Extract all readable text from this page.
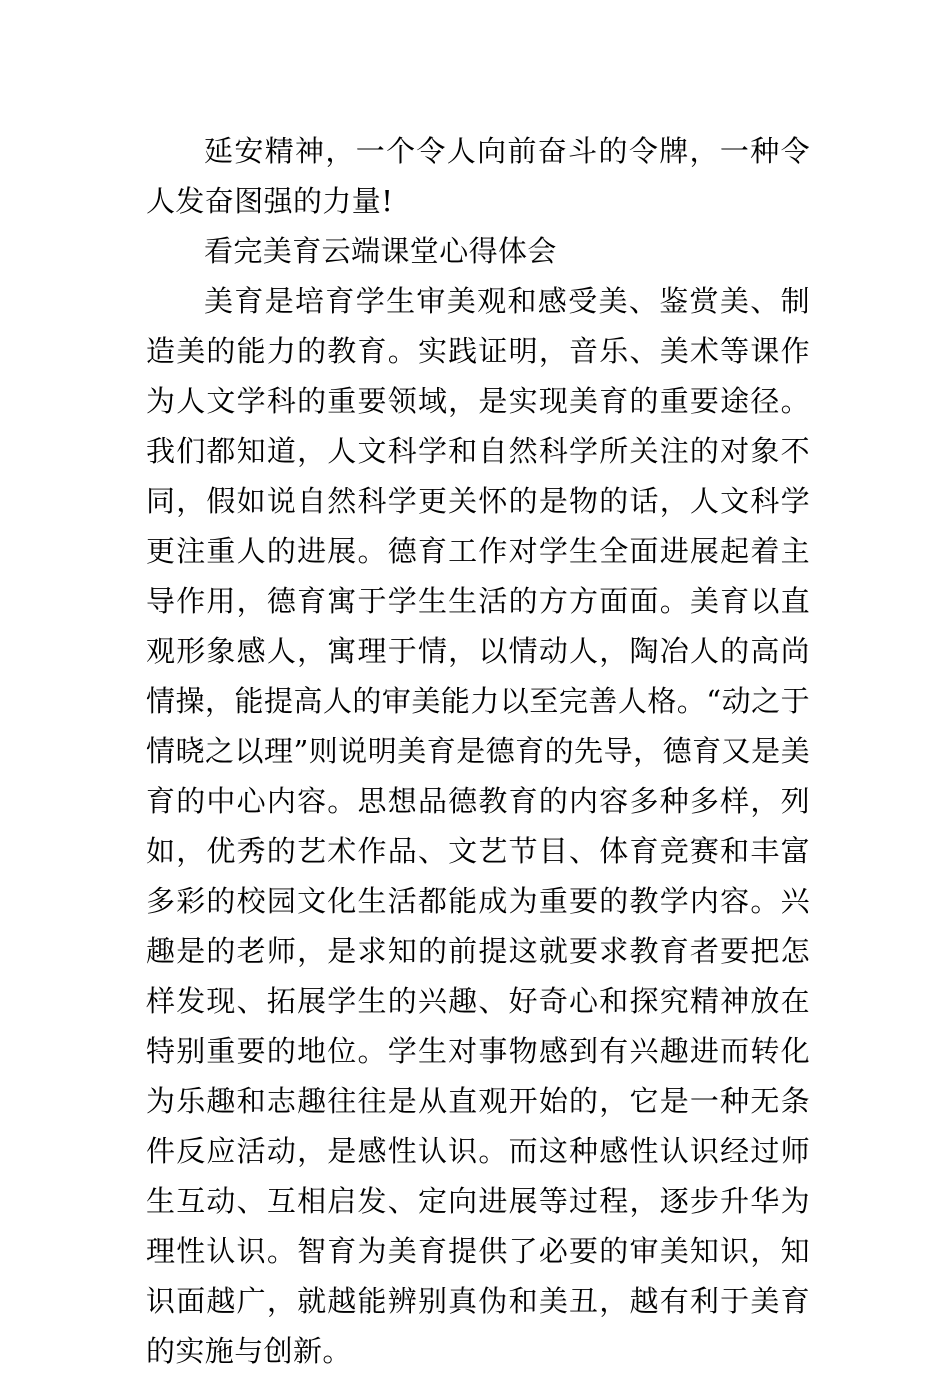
延安精神，一个令人向前奋斗的令牌，一种令人发奋图强的力量!

看完美育云端课堂心得体会

美育是培育学生审美观和感受美、鉴赏美、制造美的能力的教育。实践证明，音乐、美术等课作为人文学科的重要领域，是实现美育的重要途径。我们都知道，人文科学和自然科学所关注的对象不同，假如说自然科学更关怀的是物的话，人文科学更注重人的进展。德育工作对学生全面进展起着主导作用，德育寓于学生生活的方方面面。美育以直观形象感人，寓理于情，以情动人，陶冶人的高尚情操，能提高人的审美能力以至完善人格。“动之于情晓之以理”则说明美育是德育的先导，德育又是美育的中心内容。思想品德教育的内容多种多样，列如，优秀的艺术作品、文艺节目、体育竞赛和丰富多彩的校园文化生活都能成为重要的教学内容。兴趣是的老师，是求知的前提这就要求教育者要把怎样发现、拓展学生的兴趣、好奇心和探究精神放在特别重要的地位。学生对事物感到有兴趣进而转化为乐趣和志趣往往是从直观开始的，它是一种无条件反应活动，是感性认识。而这种感性认识经过师生互动、互相启发、定向进展等过程，逐步升华为理性认识。智育为美育提供了必要的审美知识，知识面越广，就越能辨别真伪和美丑，越有利于美育的实施与创新。
